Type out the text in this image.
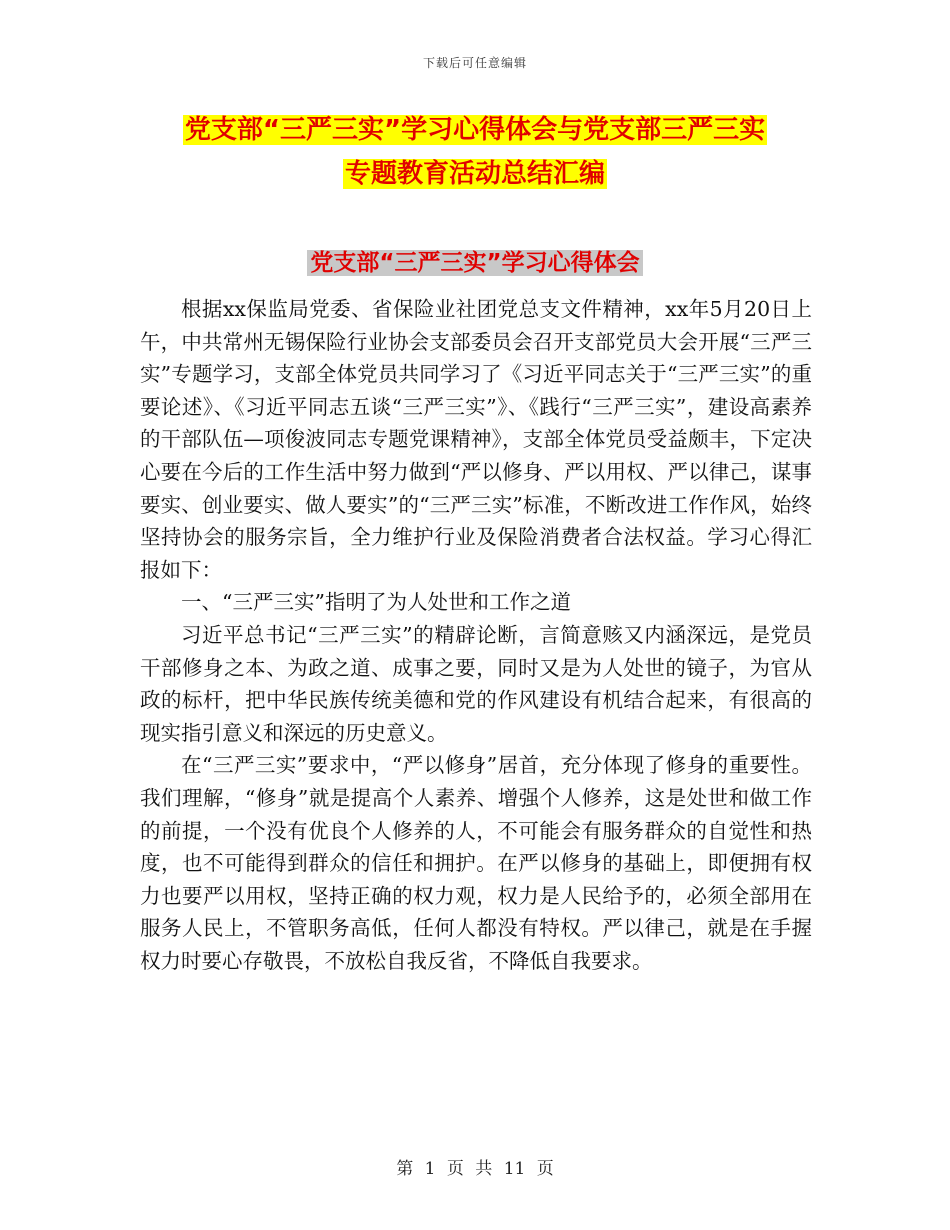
下载后可任意编辑
党支部“三严三实”学习心得体会与党支部三严三实
专题教育活动总结汇编
党支部“三严三实”学习心得体会

根据xx保监局党委、省保险业社团党总支文件精神，xx年5月20日上午，中共常州无锡保险行业协会支部委员会召开支部党员大会开展“三严三实”专题学习，支部全体党员共同学习了《习近平同志关于“三严三实”的重要论述》、《习近平同志五谈“三严三实”》、《践行“三严三实”，建设高素养的干部队伍—项俊波同志专题党课精神》，支部全体党员受益颇丰，下定决心要在今后的工作生活中努力做到“严以修身、严以用权、严以律己，谋事要实、创业要实、做人要实”的“三严三实”标准，不断改进工作作风，始终坚持协会的服务宗旨，全力维护行业及保险消费者合法权益。学习心得汇报如下：

一、“三严三实”指明了为人处世和工作之道

习近平总书记“三严三实”的精辟论断，言简意赅又内涵深远，是党员干部修身之本、为政之道、成事之要，同时又是为人处世的镜子，为官从政的标杆，把中华民族传统美德和党的作风建设有机结合起来，有很高的现实指引意义和深远的历史意义。

在“三严三实”要求中，“严以修身”居首，充分体现了修身的重要性。我们理解，“修身”就是提高个人素养、增强个人修养，这是处世和做工作的前提，一个没有优良个人修养的人，不可能会有服务群众的自觉性和热度，也不可能得到群众的信任和拥护。在严以修身的基础上，即便拥有权力也要严以用权，坚持正确的权力观，权力是人民给予的，必须全部用在服务人民上，不管职务高低，任何人都没有特权。严以律己，就是在手握权力时要心存敬畏，不放松自我反省，不降低自我要求。

第 1 页 共 11 页
